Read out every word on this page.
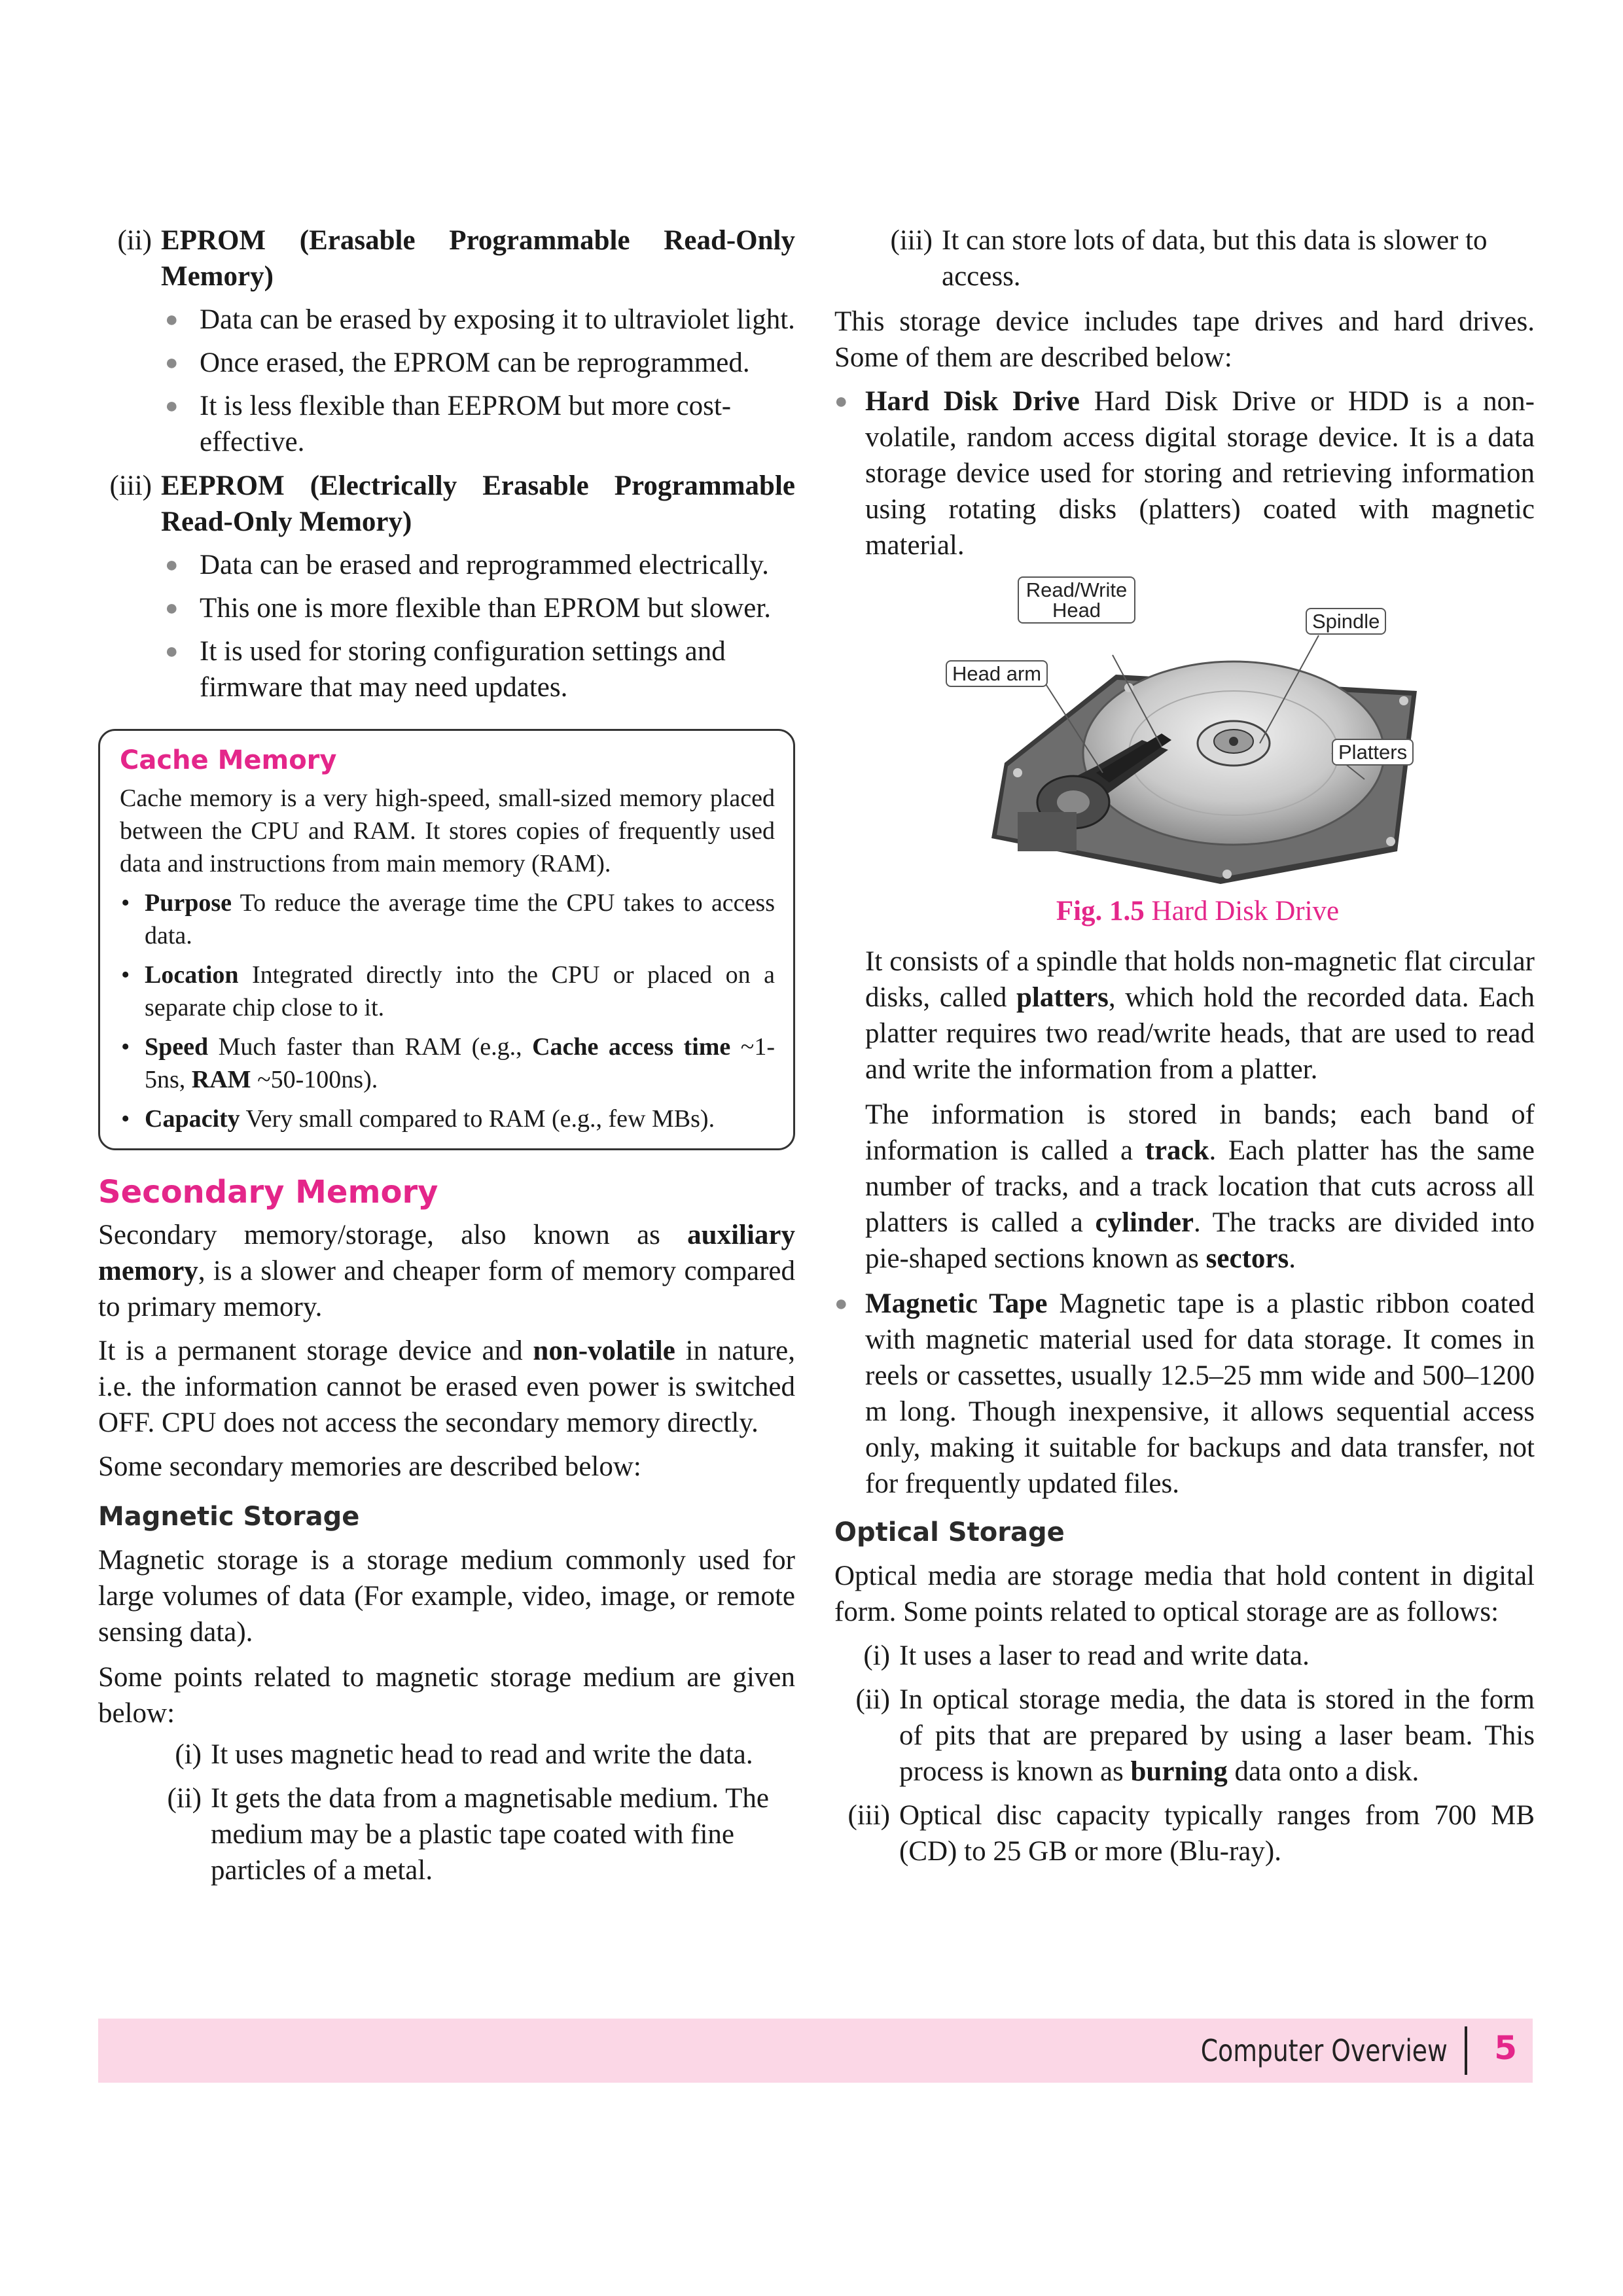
(ii) EPROM (Erasable Programmable Read-Only Memory)
● Data can be erased by exposing it to ultraviolet light.
● Once erased, the EPROM can be reprogrammed.
● It is less flexible than EEPROM but more cost-effective.
(iii) EEPROM (Electrically Erasable Programmable Read-Only Memory)
● Data can be erased and reprogrammed electrically.
● This one is more flexible than EPROM but slower.
● It is used for storing configuration settings and firmware that may need updates.
Cache Memory

Cache memory is a very high-speed, small-sized memory placed between the CPU and RAM. It stores copies of frequently used data and instructions from main memory (RAM).

• Purpose To reduce the average time the CPU takes to access data.
• Location Integrated directly into the CPU or placed on a separate chip close to it.
• Speed Much faster than RAM (e.g., Cache access time ~1-5ns, RAM ~50-100ns).
• Capacity Very small compared to RAM (e.g., few MBs).
Secondary Memory

Secondary memory/storage, also known as auxiliary memory, is a slower and cheaper form of memory compared to primary memory.

It is a permanent storage device and non-volatile in nature, i.e. the information cannot be erased even power is switched OFF. CPU does not access the secondary memory directly.

Some secondary memories are described below:

Magnetic Storage

Magnetic storage is a storage medium commonly used for large volumes of data (For example, video, image, or remote sensing data).

Some points related to magnetic storage medium are given below:

(i) It uses magnetic head to read and write the data.
(ii) It gets the data from a magnetisable medium. The medium may be a plastic tape coated with fine particles of a metal.
(iii) It can store lots of data, but this data is slower to access.

This storage device includes tape drives and hard drives. Some of them are described below:

● Hard Disk Drive Hard Disk Drive or HDD is a non-volatile, random access digital storage device. It is a data storage device used for storing and retrieving information using rotating disks (platters) coated with magnetic material.
Read/Write Head	Spindle
Head arm
Platters
Fig. 1.5 Hard Disk Drive

It consists of a spindle that holds non-magnetic flat circular disks, called platters, which hold the recorded data. Each platter requires two read/write heads, that are used to read and write the information from a platter.

The information is stored in bands; each band of information is called a track. Each platter has the same number of tracks, and a track location that cuts across all platters is called a cylinder. The tracks are divided into pie-shaped sections known as sectors.

● Magnetic Tape Magnetic tape is a plastic ribbon coated with magnetic material used for data storage. It comes in reels or cassettes, usually 12.5–25 mm wide and 500–1200 m long. Though inexpensive, it allows sequential access only, making it suitable for backups and data transfer, not for frequently updated files.
Optical Storage

Optical media are storage media that hold content in digital form. Some points related to optical storage are as follows:

(i) It uses a laser to read and write data.
(ii) In optical storage media, the data is stored in the form of pits that are prepared by using a laser beam. This process is known as burning data onto a disk.
(iii) Optical disc capacity typically ranges from 700 MB (CD) to 25 GB or more (Blu-ray).
Computer Overview 5
